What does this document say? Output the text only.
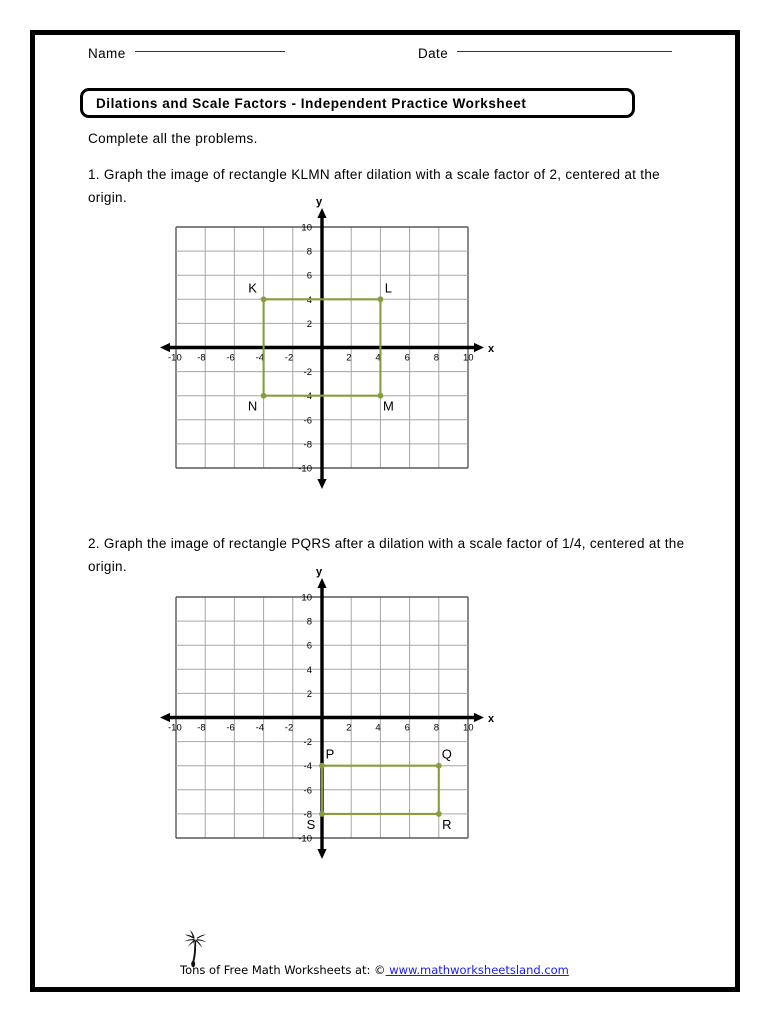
Name	Date
Dilations and Scale Factors - Independent Practice Worksheet
Complete all the problems.
1. Graph the image of rectangle KLMN after dilation with a scale factor of 2, centered at the origin.
x
y
-10 -8 -6 -4 -2	2	4	6	8	10
10
8
6
4
2
-2
-4
-6
-8
-10
K	L
M
N
2. Graph the image of rectangle PQRS after a dilation with a scale factor of 1/4, centered at the origin.
x
y
-10 -8 -6 -4 -2	2	4	6	8	10
10
8
6
4
2
-2
-4
-6
-8
-10
P	Q
R
S
Tons of Free Math Worksheets at: © www.mathworksheetsland.com
